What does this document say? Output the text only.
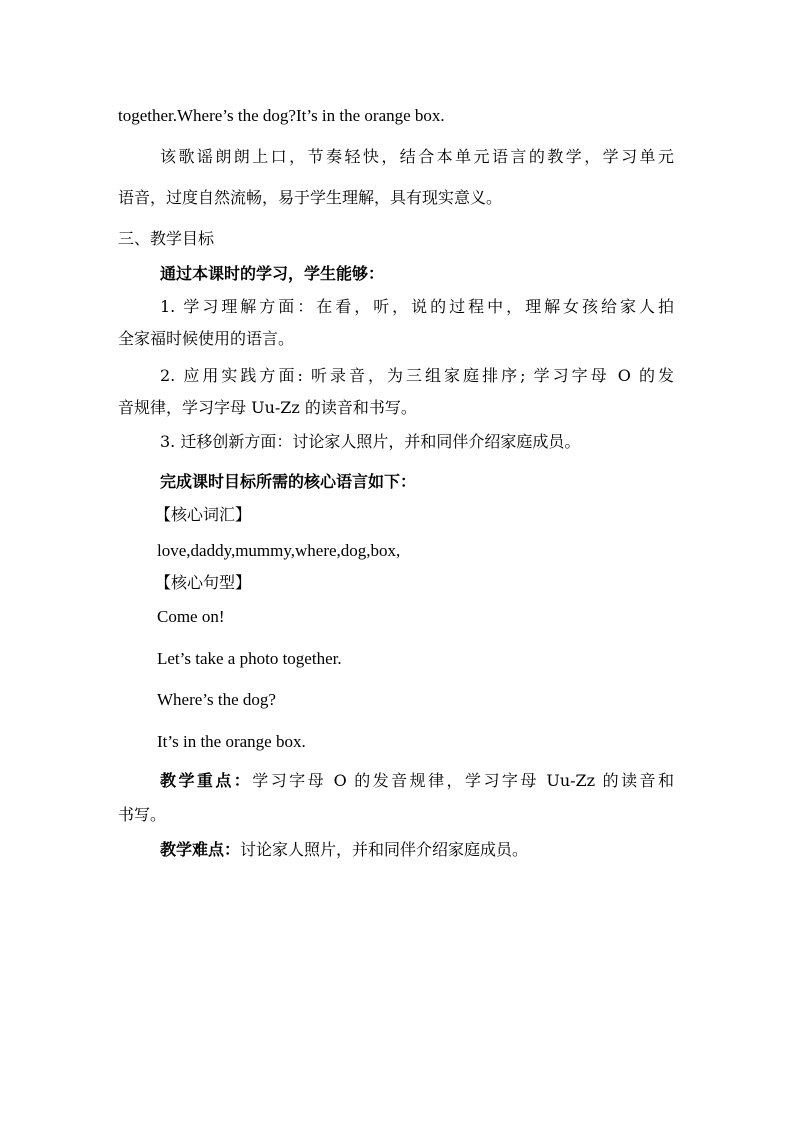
together.Where’s the dog?It’s in the orange box.
该歌谣朗朗上口，节奏轻快，结合本单元语言的教学，学习单元
语音，过度自然流畅，易于学生理解，具有现实意义。
三、教学目标
通过本课时的学习，学生能够：
1. 学习理解方面：在看，听，说的过程中，理解女孩给家人拍
全家福时候使用的语言。
2. 应用实践方面: 听录音，为三组家庭排序; 学习字母 O 的发
音规律，学习字母 Uu-Zz 的读音和书写。
3. 迁移创新方面：讨论家人照片，并和同伴介绍家庭成员。
完成课时目标所需的核心语言如下：
【核心词汇】
love,daddy,mummy,where,dog,box,
【核心句型】
Come on!
Let’s take a photo together.
Where’s the dog?
It’s in the orange box.
教学重点：学习字母 O 的发音规律，学习字母 Uu-Zz 的读音和
书写。
教学难点：讨论家人照片，并和同伴介绍家庭成员。
